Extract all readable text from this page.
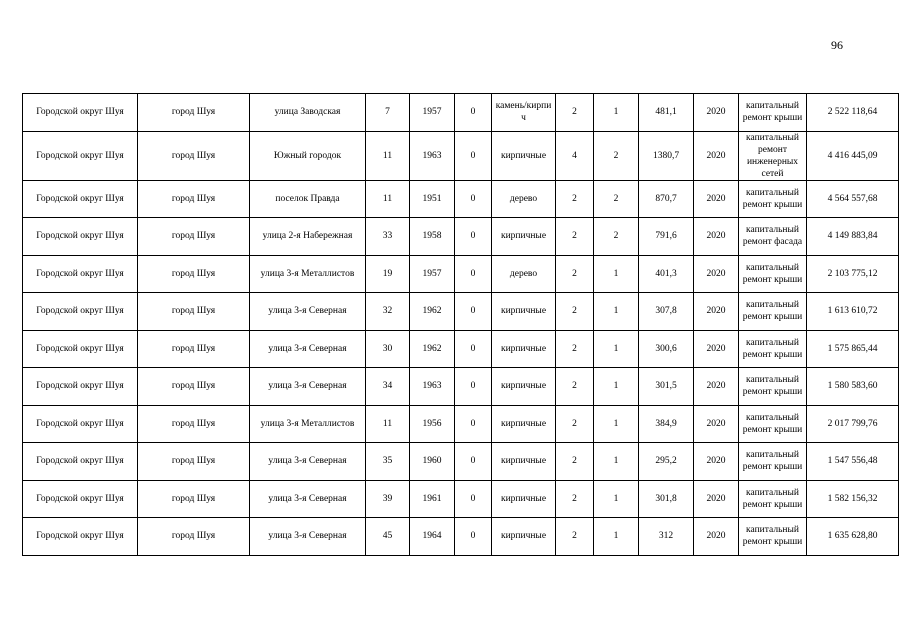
96
Городской округ Шуя	город Шуя	улица Заводская	7	1957	0	камень/кирпич	2	1	481,1	2020	капитальный ремонт крыши	2 522 118,64
Городской округ Шуя	город Шуя	Южный городок	11	1963	0	кирпичные	4	2	1380,7	2020	капитальный ремонт инженерных сетей	4 416 445,09
Городской округ Шуя	город Шуя	поселок Правда	11	1951	0	дерево	2	2	870,7	2020	капитальный ремонт крыши	4 564 557,68
Городской округ Шуя	город Шуя	улица 2-я Набережная	33	1958	0	кирпичные	2	2	791,6	2020	капитальный ремонт фасада	4 149 883,84
Городской округ Шуя	город Шуя	улица 3-я Металлистов	19	1957	0	дерево	2	1	401,3	2020	капитальный ремонт крыши	2 103 775,12
Городской округ Шуя	город Шуя	улица 3-я Северная	32	1962	0	кирпичные	2	1	307,8	2020	капитальный ремонт крыши	1 613 610,72
Городской округ Шуя	город Шуя	улица 3-я Северная	30	1962	0	кирпичные	2	1	300,6	2020	капитальный ремонт крыши	1 575 865,44
Городской округ Шуя	город Шуя	улица 3-я Северная	34	1963	0	кирпичные	2	1	301,5	2020	капитальный ремонт крыши	1 580 583,60
Городской округ Шуя	город Шуя	улица 3-я Металлистов	11	1956	0	кирпичные	2	1	384,9	2020	капитальный ремонт крыши	2 017 799,76
Городской округ Шуя	город Шуя	улица 3-я Северная	35	1960	0	кирпичные	2	1	295,2	2020	капитальный ремонт крыши	1 547 556,48
Городской округ Шуя	город Шуя	улица 3-я Северная	39	1961	0	кирпичные	2	1	301,8	2020	капитальный ремонт крыши	1 582 156,32
Городской округ Шуя	город Шуя	улица 3-я Северная	45	1964	0	кирпичные	2	1	312	2020	капитальный ремонт крыши	1 635 628,80
